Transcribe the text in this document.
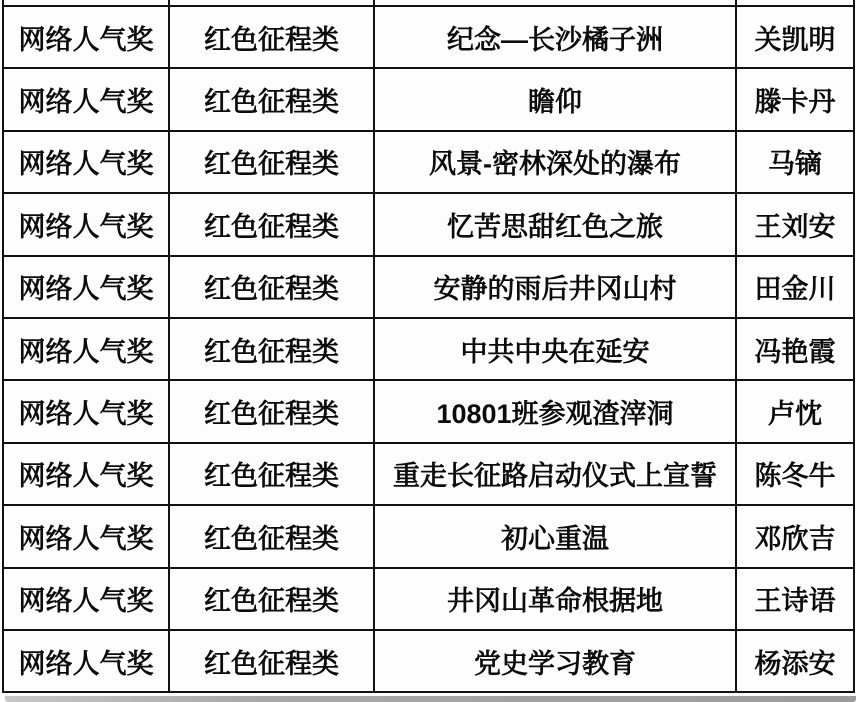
网络人气奖	红色征程类	纪念—长沙橘子洲	关凯明
网络人气奖	红色征程类	瞻仰	滕卡丹
网络人气奖	红色征程类	风景-密林深处的瀑布	马镝
网络人气奖	红色征程类	忆苦思甜红色之旅	王刘安
网络人气奖	红色征程类	安静的雨后井冈山村	田金川
网络人气奖	红色征程类	中共中央在延安	冯艳霞
网络人气奖	红色征程类	10801班参观渣滓洞	卢忱
网络人气奖	红色征程类	重走长征路启动仪式上宣誓	陈冬牛
网络人气奖	红色征程类	初心重温	邓欣吉
网络人气奖	红色征程类	井冈山革命根据地	王诗语
网络人气奖	红色征程类	党史学习教育	杨添安
